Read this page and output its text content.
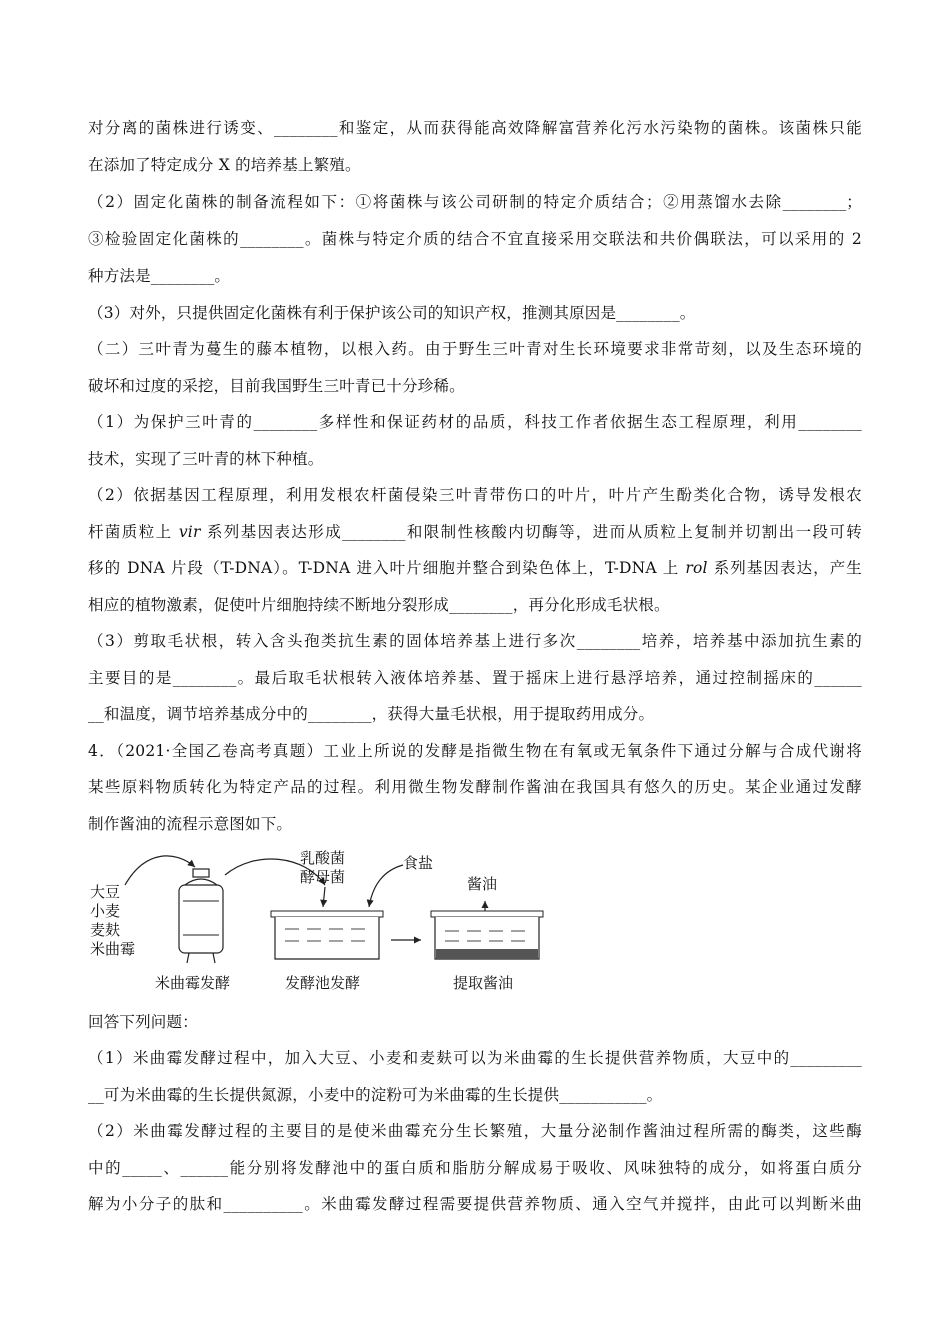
对分离的菌株进行诱变、________和鉴定，从而获得能高效降解富营养化污水污染物的菌株。该菌株只能
在添加了特定成分 X 的培养基上繁殖。
（2）固定化菌株的制备流程如下：①将菌株与该公司研制的特定介质结合；②用蒸馏水去除________；
③检验固定化菌株的________。菌株与特定介质的结合不宜直接采用交联法和共价偶联法，可以采用的 2
种方法是________。
（3）对外，只提供固定化菌株有利于保护该公司的知识产权，推测其原因是________。
（二）三叶青为蔓生的藤本植物，以根入药。由于野生三叶青对生长环境要求非常苛刻，以及生态环境的
破坏和过度的采挖，目前我国野生三叶青已十分珍稀。
（1）为保护三叶青的________多样性和保证药材的品质，科技工作者依据生态工程原理，利用________
技术，实现了三叶青的林下种植。
（2）依据基因工程原理，利用发根农杆菌侵染三叶青带伤口的叶片，叶片产生酚类化合物，诱导发根农
杆菌质粒上 vir 系列基因表达形成________和限制性核酸内切酶等，进而从质粒上复制并切割出一段可转
移的 DNA 片段（T-DNA）。T-DNA 进入叶片细胞并整合到染色体上，T-DNA 上 rol 系列基因表达，产生
相应的植物激素，促使叶片细胞持续不断地分裂形成________，再分化形成毛状根。
（3）剪取毛状根，转入含头孢类抗生素的固体培养基上进行多次________培养，培养基中添加抗生素的
主要目的是________。最后取毛状根转入液体培养基、置于摇床上进行悬浮培养，通过控制摇床的______
__和温度，调节培养基成分中的________，获得大量毛状根，用于提取药用成分。
4．（2021·全国乙卷高考真题）工业上所说的发酵是指微生物在有氧或无氧条件下通过分解与合成代谢将
某些原料物质转化为特定产品的过程。利用微生物发酵制作酱油在我国具有悠久的历史。某企业通过发酵
制作酱油的流程示意图如下。
大豆
小麦
麦麸
米曲霉
乳酸菌
酵母菌
食盐
酱油
米曲霉发酵	发酵池发酵	提取酱油
回答下列问题：
（1）米曲霉发酵过程中，加入大豆、小麦和麦麸可以为米曲霉的生长提供营养物质，大豆中的_________
__可为米曲霉的生长提供氮源，小麦中的淀粉可为米曲霉的生长提供___________。
（2）米曲霉发酵过程的主要目的是使米曲霉充分生长繁殖，大量分泌制作酱油过程所需的酶类，这些酶
中的_____、______能分别将发酵池中的蛋白质和脂肪分解成易于吸收、风味独特的成分，如将蛋白质分
解为小分子的肽和__________。米曲霉发酵过程需要提供营养物质、通入空气并搅拌，由此可以判断米曲
